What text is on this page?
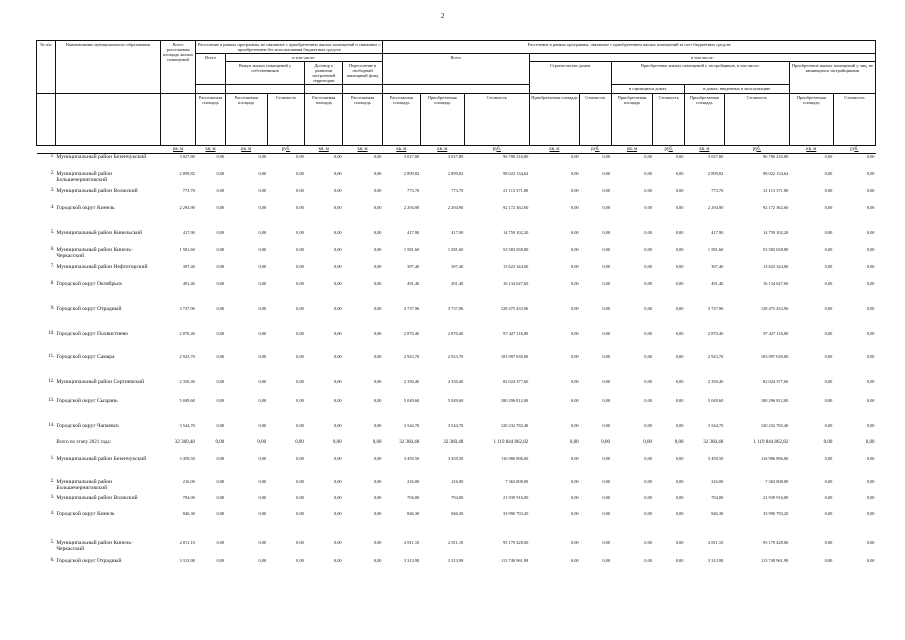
2
№ п/п	Наименование муниципального образования	Всего расселяемая площадь жилых помещений	Расселение в рамках программы, не связанное с приобретением жилых помещений и связанное с приобретением без использования бюджетных средств					Расселение в рамках программы, связанное с приобретением жилых помещений за счет бюджетных средств										
			Всего	в том числе:				Всего			в том числе:							
				Выкуп жилых помещений у собственников		Договор о развитии застроенной территории	Переселение в свободный жилищный фонд				Строительство домов		Приобретение жилых помещений у застройщиков, в том числе:				Приобретение жилых помещений у лиц, не являющихся застройщиками	
													в строящихся домах		в домах, введенных в эксплуатацию			
			Расселяемая площадь	Расселяемая площадь	Стоимость	Расселяемая площадь	Расселяемая площадь	Расселяемая площадь	Приобретаемая площадь	Стоимость	Приобретаемая площадь	Стоимость	Приобретаемая площадь	Стоимость	Приобретаемая площадь	Стоимость	Приобретаемая площадь	Стоимость
		кв. м	кв. м	кв. м	руб.	кв. м	кв. м	кв. м	кв. м	руб.	кв. м	руб.	кв. м	руб.	кв. м	руб.	кв. м	руб.
1.	Муниципальный район Безенчукский	3 027,80	0,00	0,00	0,00	0,00	0,00	3 027,80	3 027,80	96 786 216,80	0,00	0,00	0,00	0,00	3 027,80	96 786 216,80	0,00	0,00
2.	Муниципальный район Большечерниговский	2 899,82	0,00	0,00	0,00	0,00	0,00	2 899,82	2 899,82	98 022 134,64	0,00	0,00	0,00	0,00	2 899,82	98 022 134,64	0,00	0,00
3.	Муниципальный район Волжский	773,70	0,00	0,00	0,00	0,00	0,00	773,70	773,70	21 113 371,80	0,00	0,00	0,00	0,00	773,70	21 113 371,80	0,00	0,00
4.	Городской округ Кинель	2 294,90	0,00	0,00	0,00	0,00	0,00	2 294,90	2 294,90	92 172 362,60	0,00	0,00	0,00	0,00	2 294,90	92 172 362,60	0,00	0,00
5.	Муниципальный район Кинельский	417,90	0,00	0,00	0,00	0,00	0,00	417,90	417,90	14 759 102,20	0,00	0,00	0,00	0,00	417,90	14 759 102,20	0,00	0,00
6.	Муниципальный район Кинель-Черкасский	1 581,60	0,00	0,00	0,00	0,00	0,00	1 581,60	1 581,60	53 583 658,80	0,00	0,00	0,00	0,00	1 581,60	53 583 658,80	0,00	0,00
7.	Муниципальный район Нефтегорский	397,40	0,00	0,00	0,00	0,00	0,00	397,40	397,40	13 623 344,00	0,00	0,00	0,00	0,00	397,40	13 623 344,00	0,00	0,00
8.	Городской округ Октябрьск	491,40	0,00	0,00	0,00	0,00	0,00	491,40	491,40	16 134 627,60	0,00	0,00	0,00	0,00	491,40	16 134 627,60	0,00	0,00
9.	Городской округ Отрадный	3 737,96	0,00	0,00	0,00	0,00	0,00	3 737,96	3 737,96	128 475 433,96	0,00	0,00	0,00	0,00	3 737,96	128 475 433,96	0,00	0,00
10.	Городской округ Похвистнево	2 870,40	0,00	0,00	0,00	0,00	0,00	2 870,40	2 870,40	97 427 116,80	0,00	0,00	0,00	0,00	2 870,40	97 427 116,80	0,00	0,00
11.	Городской округ Самара	2 923,70	0,00	0,00	0,00	0,00	0,00	2 923,70	2 923,70	103 997 639,00	0,00	0,00	0,00	0,00	2 923,70	103 997 639,00	0,00	0,00
12.	Муниципальный район Сергиевский	2 350,40	0,00	0,00	0,00	0,00	0,00	2 350,40	2 350,40	82 024 377,60	0,00	0,00	0,00	0,00	2 350,40	82 024 377,60	0,00	0,00
13.	Городской округ Сызрань	5 049,60	0,00	0,00	0,00	0,00	0,00	5 049,60	5 049,60	180 296 812,00	0,00	0,00	0,00	0,00	5 049,60	180 296 812,00	0,00	0,00
14.	Городской округ Чапаевск	3 544,70	0,00	0,00	0,00	0,00	0,00	3 544,70	3 544,70	120 232 782,40	0,00	0,00	0,00	0,00	3 544,70	120 232 782,40	0,00	0,00
	Всего по этапу 2021 года:	32 360,48	0,00	0,00	0,00	0,00	0,00	32 360,48	32 360,48	1 119 844 862,82	0,00	0,00	0,00	0,00	32 360,48	1 119 844 862,82	0,00	0,00
1.	Муниципальный район Безенчукский	3 459,50	0,00	0,00	0,00	0,00	0,00	3 459,50	3 459,50	116 986 896,00	0,00	0,00	0,00	0,00	3 459,50	116 986 896,00	0,00	0,00
2.	Муниципальный район Большечерниговский	216,00	0,00	0,00	0,00	0,00	0,00	216,00	216,00	7 363 008,00	0,00	0,00	0,00	0,00	216,00	7 363 008,00	0,00	0,00
3.	Муниципальный район Волжский	794,00	0,00	0,00	0,00	0,00	0,00	794,00	794,00	21 939 916,00	0,00	0,00	0,00	0,00	794,00	21 939 916,00	0,00	0,00
4.	Городской округ Кинель	846,30	0,00	0,00	0,00	0,00	0,00	846,30	846,30	33 990 793,20	0,00	0,00	0,00	0,00	846,30	33 990 793,20	0,00	0,00
5.	Муниципальный район Кинель-Черкасский	2 811,10	0,00	0,00	0,00	0,00	0,00	2 811,10	2 811,10	95 179 428,00	0,00	0,00	0,00	0,00	2 811,10	95 179 428,00	0,00	0,00
6.	Городской округ Отрадный	3 313,98	0,00	0,00	0,00	0,00	0,00	3 313,98	3 313,98	113 740 961,98	0,00	0,00	0,00	0,00	3 313,98	113 740 961,98	0,00	0,00
